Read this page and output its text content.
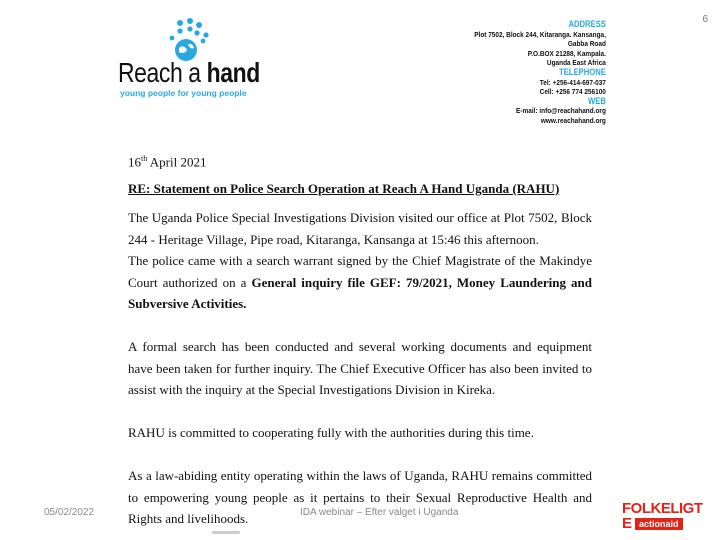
6
Reach a hand
young people for young people
ADDRESS
Plot 7502, Block 244, Kitaranga. Kansanga,
Gabba Road
P.O.BOX 21288, Kampala.
Uganda East Africa
TELEPHONE
Tel: +256-414-697-037
Cell: +256 774 256100
WEB
E-mail: info@reachahand.org
www.reachahand.org
16th April 2021
RE: Statement on Police Search Operation at Reach A Hand Uganda (RAHU)

The Uganda Police Special Investigations Division visited our office at Plot 7502, Block 244 - Heritage Village, Pipe road, Kitaranga, Kansanga at 15:46 this afternoon.

The police came with a search warrant signed by the Chief Magistrate of the Makindye Court authorized on a General inquiry file GEF: 79/2021, Money Laundering and Subversive Activities.

A formal search has been conducted and several working documents and equipment have been taken for further inquiry. The Chief Executive Officer has also been invited to assist with the inquiry at the Special Investigations Division in Kireka.
RAHU is committed to cooperating fully with the authorities during this time.
As a law-abiding entity operating within the laws of Uganda, RAHU remains committed to empowering young people as it pertains to their Sexual Reproductive Health and Rights and livelihoods.
05/02/2022	IDA webinar – Efter valget i Uganda	FOLKELIGT
E actionaid
